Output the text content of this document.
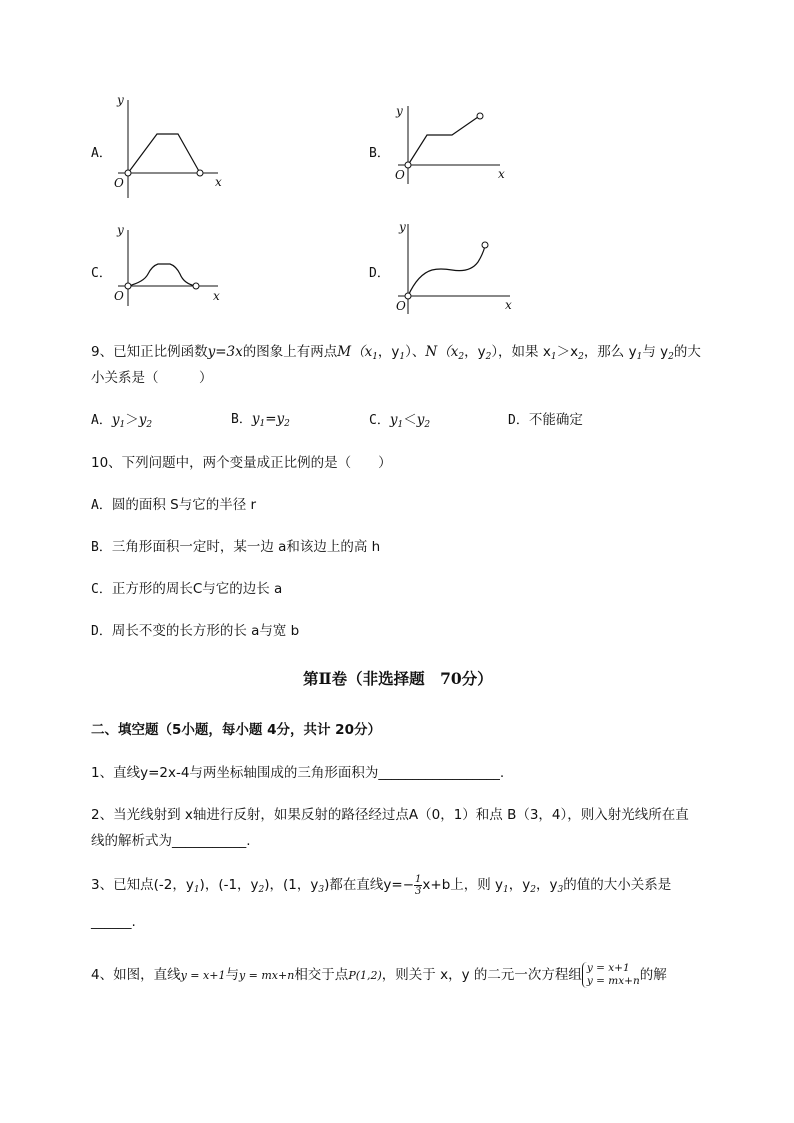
A．
y
x
O
B．
y
x
O
C．
y
x
O
D．
y
x
O
9、已知正比例函数y=3x的图象上有两点$M(x_1$，$y_1$）、$N(x_2$，$y_2$），如果 $x_1>x_2$，那么 $y_1$与 $y_2$的大
小关系是（　　　）
A．$y_1>y_2$	B．$y_1=y_2$	C．$y_1<y_2$	D．不能确定
10、下列问题中，两个变量成正比例的是（　　）
A．圆的面积 S与它的半径 r
B．三角形面积一定时，某一边 a和该边上的高 h
C．正方形的周长C与它的边长 a
D．周长不变的长方形的长 a与宽 b
第Ⅱ卷（非选择题　70分）
二、填空题（5小题，每小题 4分，共计 20分）
1、直线y=2x-4与两坐标轴围成的三角形面积为__________________.
2、当光线射到 x轴进行反射，如果反射的路径经过点A（0，1）和点 B（3，4），则入射光线所在直
线的解析式为___________.
3、已知点(-2，$y_1$)，(-1，$y_2$)，(1，$y_3$)都在直线$y=- \frac{1}{3} x+b$上，则 $y_1$，$y_2$，$y_3$的值的大小关系是
______.
4、如图，直线y = x+1与y = mx+n相交于点P(1,2)，则关于 x，y 的二元一次方程组 y = x+1
y = mx+n 的解
